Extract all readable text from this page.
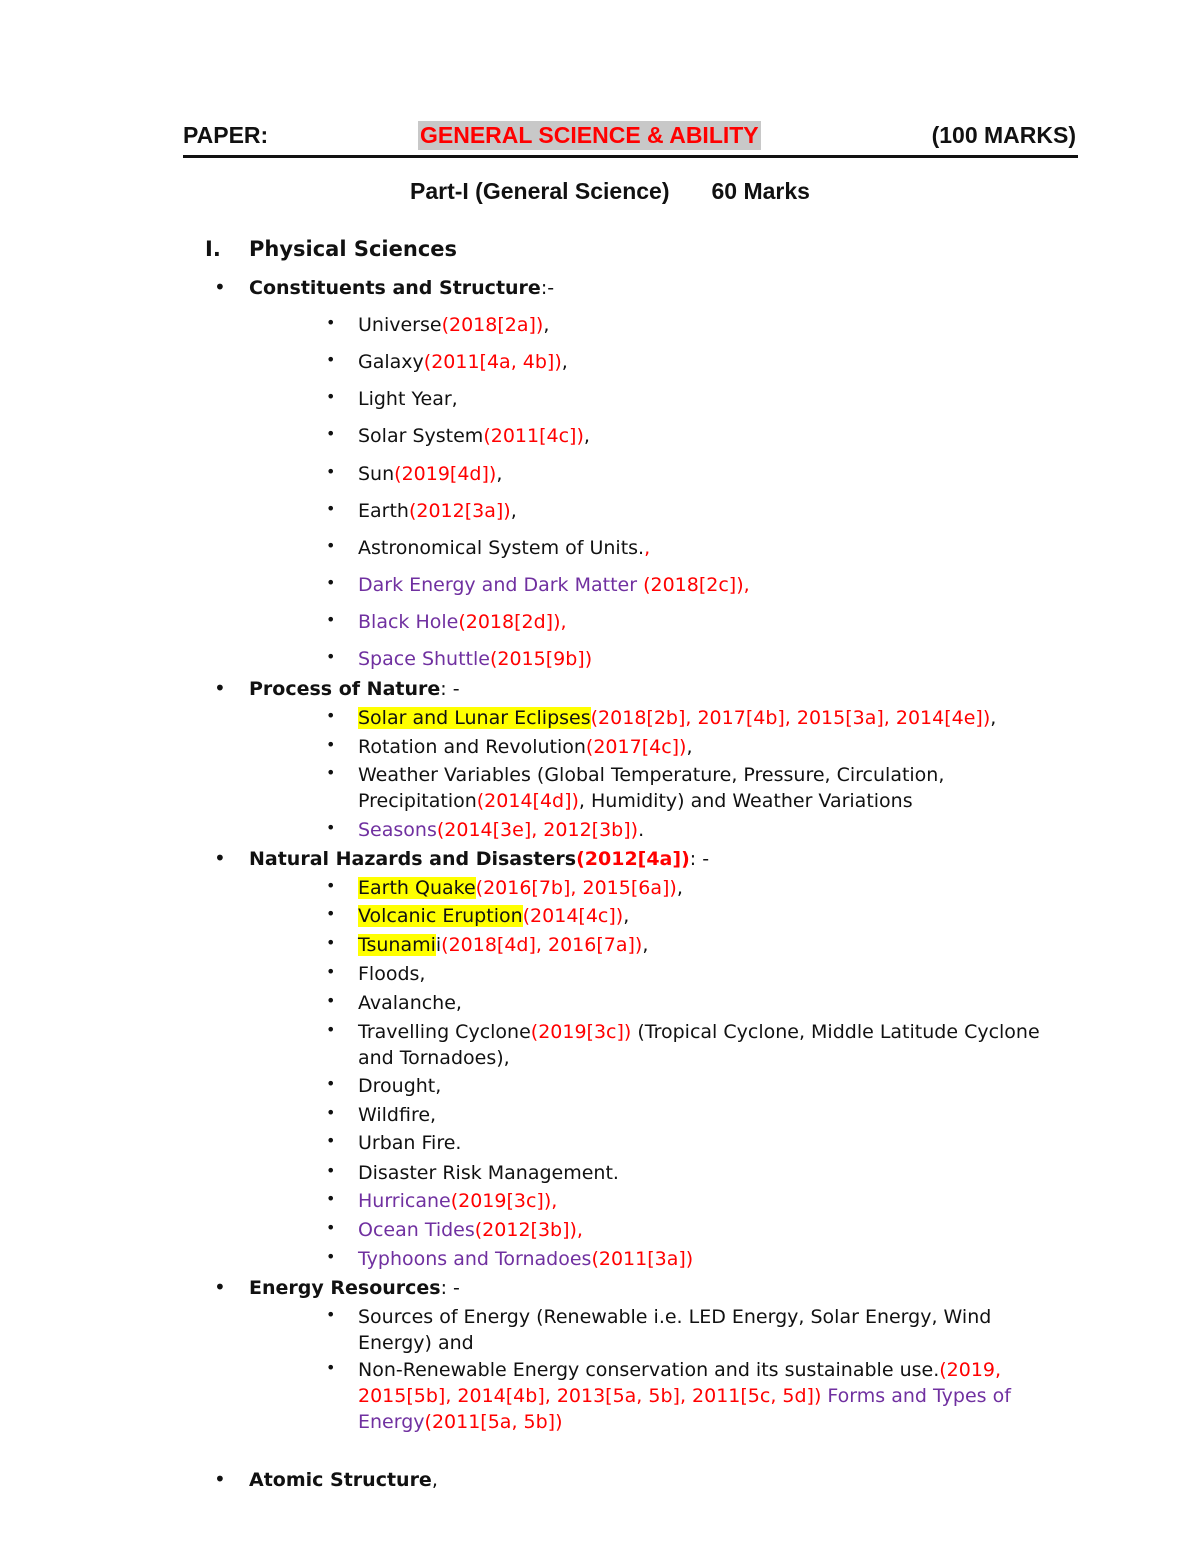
PAPER:	GENERAL SCIENCE & ABILITY	(100 MARKS)
Part-I (General Science) 60 Marks
I. Physical Sciences
• Constituents and Structure:-
• Universe(2018[2a]),
• Galaxy(2011[4a, 4b]),
• Light Year,
• Solar System(2011[4c]),
• Sun(2019[4d]),
• Earth(2012[3a]),
• Astronomical System of Units.,
• Dark Energy and Dark Matter (2018[2c]),
• Black Hole(2018[2d]),
• Space Shuttle(2015[9b])
• Process of Nature: -
• Solar and Lunar Eclipses(2018[2b], 2017[4b], 2015[3a], 2014[4e]),
• Rotation and Revolution(2017[4c]),
• Weather Variables (Global Temperature, Pressure, Circulation, Precipitation(2014[4d]), Humidity) and Weather Variations
• Seasons(2014[3e], 2012[3b]).
• Natural Hazards and Disasters(2012[4a]): -
• Earth Quake(2016[7b], 2015[6a]),
• Volcanic Eruption(2014[4c]),
• Tsunamii(2018[4d], 2016[7a]),
• Floods,
• Avalanche,
• Travelling Cyclone(2019[3c]) (Tropical Cyclone, Middle Latitude Cyclone and Tornadoes),
• Drought,
• Wildfire,
• Urban Fire.
• Disaster Risk Management.
• Hurricane(2019[3c]),
• Ocean Tides(2012[3b]),
• Typhoons and Tornadoes(2011[3a])
• Energy Resources: -
• Sources of Energy (Renewable i.e. LED Energy, Solar Energy, Wind Energy) and
• Non-Renewable Energy conservation and its sustainable use.(2019, 2015[5b], 2014[4b], 2013[5a, 5b], 2011[5c, 5d]) Forms and Types of Energy(2011[5a, 5b])
• Atomic Structure,
